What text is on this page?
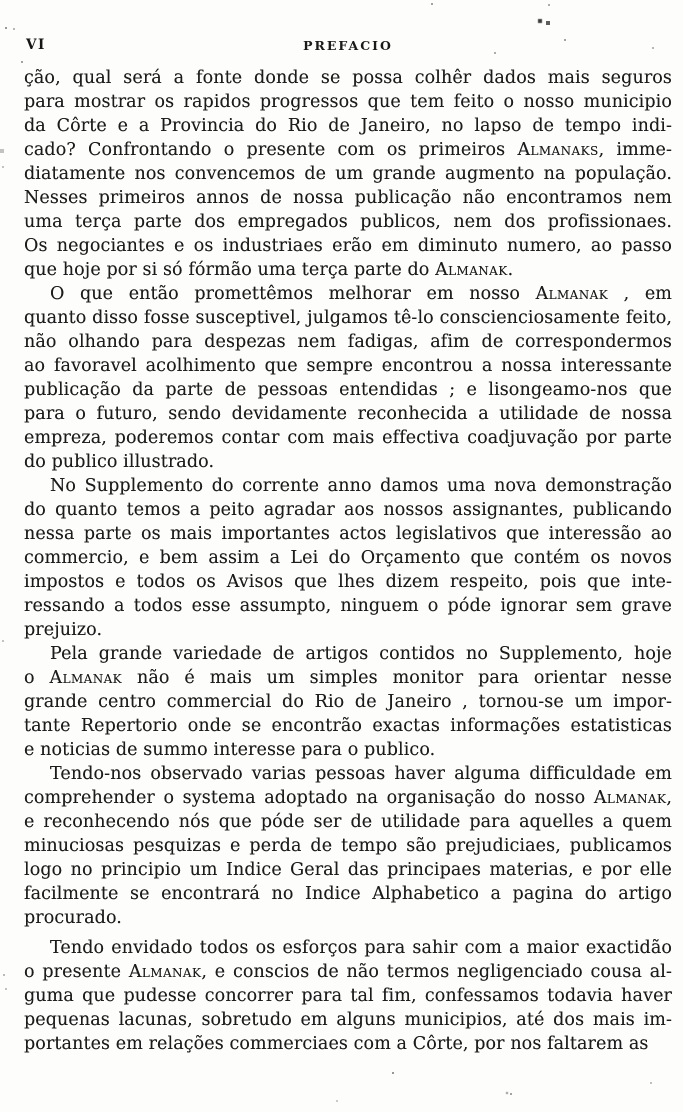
VI	PREFACIO
ção, qual será a fonte donde se possa colhêr dados mais seguros
para mostrar os rapidos progressos que tem feito o nosso municipio
da Côrte e a Provincia do Rio de Janeiro, no lapso de tempo indi-
cado? Confrontando o presente com os primeiros Almanaks, imme-
diatamente nos convencemos de um grande augmento na população.
Nesses primeiros annos de nossa publicação não encontramos nem
uma terça parte dos empregados publicos, nem dos profissionaes.
Os negociantes e os industriaes erão em diminuto numero, ao passo
que hoje por si só fórmão uma terça parte do Almanak.
O que então promettêmos melhorar em nosso Almanak , em
quanto disso fosse susceptivel, julgamos tê-lo conscienciosamente feito,
não olhando para despezas nem fadigas, afim de correspondermos
ao favoravel acolhimento que sempre encontrou a nossa interessante
publicação da parte de pessoas entendidas ; e lisongeamo-nos que
para o futuro, sendo devidamente reconhecida a utilidade de nossa
empreza, poderemos contar com mais effectiva coadjuvação por parte
do publico illustrado.
No Supplemento do corrente anno damos uma nova demonstração
do quanto temos a peito agradar aos nossos assignantes, publicando
nessa parte os mais importantes actos legislativos que interessão ao
commercio, e bem assim a Lei do Orçamento que contém os novos
impostos e todos os Avisos que lhes dizem respeito, pois que inte-
ressando a todos esse assumpto, ninguem o póde ignorar sem grave
prejuizo.
Pela grande variedade de artigos contidos no Supplemento, hoje
o Almanak não é mais um simples monitor para orientar nesse
grande centro commercial do Rio de Janeiro , tornou-se um impor-
tante Repertorio onde se encontrão exactas informações estatisticas
e noticias de summo interesse para o publico.
Tendo-nos observado varias pessoas haver alguma difficuldade em
comprehender o systema adoptado na organisação do nosso Almanak,
e reconhecendo nós que póde ser de utilidade para aquelles a quem
minuciosas pesquizas e perda de tempo são prejudiciaes, publicamos
logo no principio um Indice Geral das principaes materias, e por elle
facilmente se encontrará no Indice Alphabetico a pagina do artigo
procurado.
Tendo envidado todos os esforços para sahir com a maior exactidão
o presente Almanak, e conscios de não termos negligenciado cousa al-
guma que pudesse concorrer para tal fim, confessamos todavia haver
pequenas lacunas, sobretudo em alguns municipios, até dos mais im-
portantes em relações commerciaes com a Côrte, por nos faltarem as
